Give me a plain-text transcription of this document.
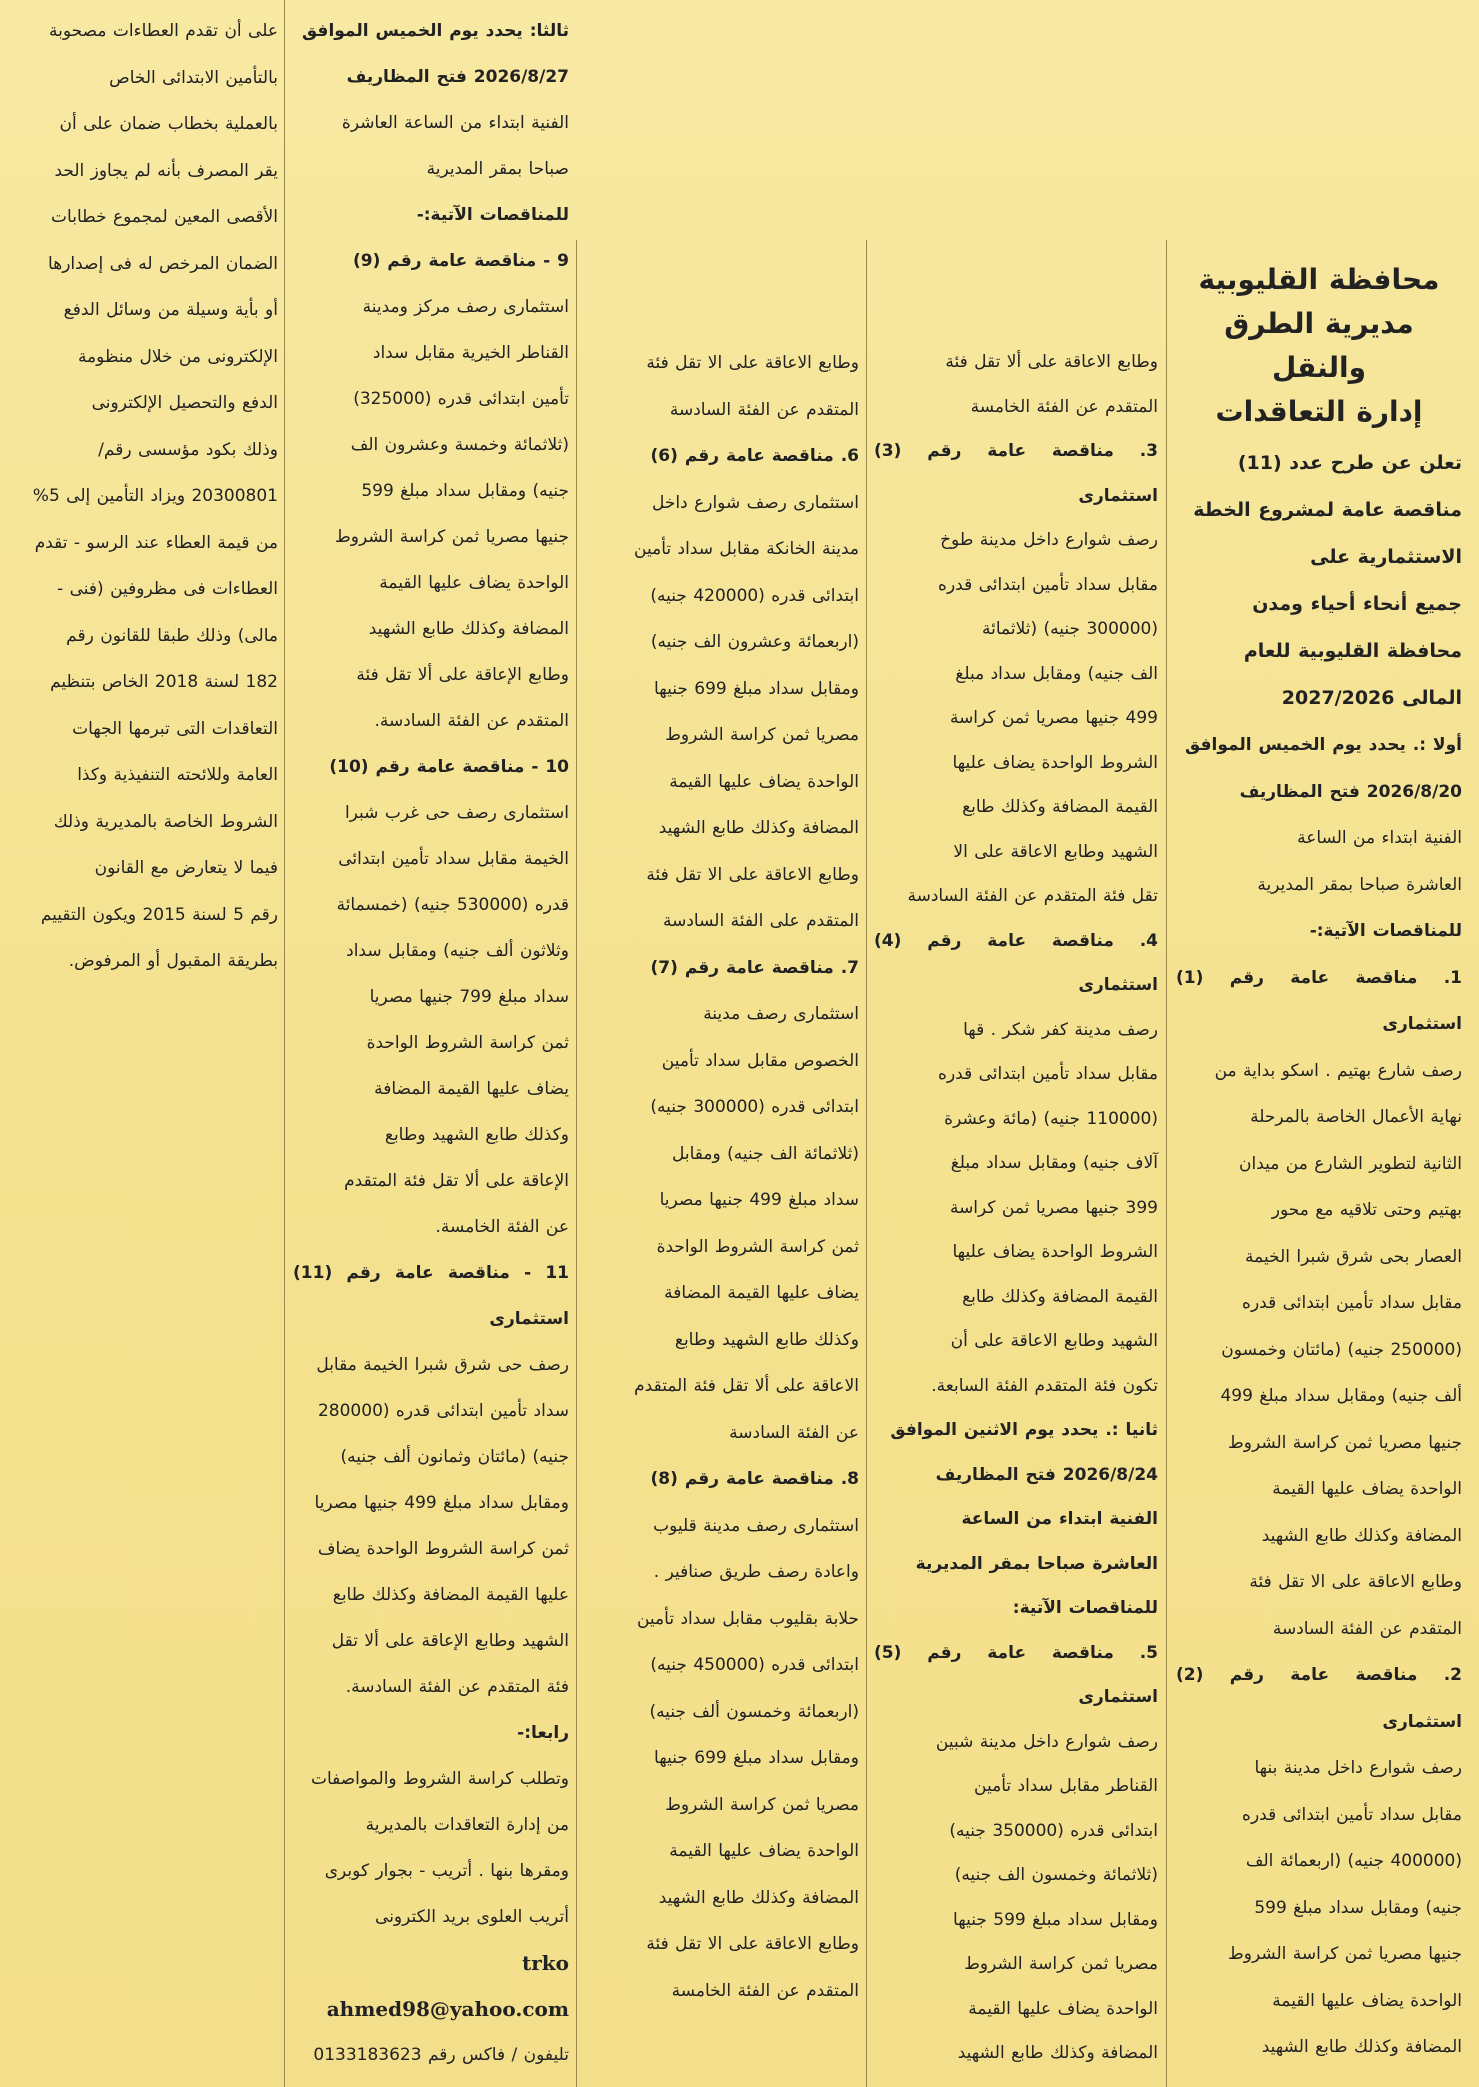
محافظة القليوبية

مديرية الطرق والنقل

إدارة التعاقدات

تعلن عن طرح عدد (11)

مناقصة عامة لمشروع الخطة

الاستثمارية على

جميع أنحاء أحياء ومدن

محافظة القليوبية للعام

المالى 2027/2026

أولا :. يحدد يوم الخميس الموافق

2026/8/20 فتح المظاريف

الفنية ابتداء من الساعة

العاشرة صباحا بمقر المديرية

للمناقصات الآتية:-

1. مناقصة عامة رقم (1) استثمارى

رصف شارع بهتيم . اسكو بداية من

نهاية الأعمال الخاصة بالمرحلة

الثانية لتطوير الشارع من ميدان

بهتيم وحتى تلاقيه مع محور

العصار بحى شرق شبرا الخيمة

مقابل سداد تأمين ابتدائى قدره

(250000 جنيه) (مائتان وخمسون

ألف جنيه) ومقابل سداد مبلغ 499

جنيها مصريا ثمن كراسة الشروط

الواحدة يضاف عليها القيمة

المضافة وكذلك طابع الشهيد

وطابع الاعاقة على الا تقل فئة

المتقدم عن الفئة السادسة

2. مناقصة عامة رقم (2) استثمارى

رصف شوارع داخل مدينة بنها

مقابل سداد تأمين ابتدائى قدره

(400000 جنيه) (اربعمائة الف

جنيه) ومقابل سداد مبلغ 599

جنيها مصريا ثمن كراسة الشروط

الواحدة يضاف عليها القيمة

المضافة وكذلك طابع الشهيد

وطابع الاعاقة على ألا تقل فئة

المتقدم عن الفئة الخامسة

3. مناقصة عامة رقم (3) استثمارى

رصف شوارع داخل مدينة طوخ

مقابل سداد تأمين ابتدائى قدره

(300000 جنيه) (ثلاثمائة

الف جنيه) ومقابل سداد مبلغ

499 جنيها مصريا ثمن كراسة

الشروط الواحدة يضاف عليها

القيمة المضافة وكذلك طابع

الشهيد وطابع الاعاقة على الا

تقل فئة المتقدم عن الفئة السادسة

4. مناقصة عامة رقم (4) استثمارى

رصف مدينة كفر شكر . قها

مقابل سداد تأمين ابتدائى قدره

(110000 جنيه) (مائة وعشرة

آلاف جنيه) ومقابل سداد مبلغ

399 جنيها مصريا ثمن كراسة

الشروط الواحدة يضاف عليها

القيمة المضافة وكذلك طابع

الشهيد وطابع الاعاقة على أن

تكون فئة المتقدم الفئة السابعة.

ثانيا :. يحدد يوم الاثنين الموافق

2026/8/24 فتح المظاريف

الفنية ابتداء من الساعة

العاشرة صباحا بمقر المديرية

للمناقصات الآتية:

5. مناقصة عامة رقم (5) استثمارى

رصف شوارع داخل مدينة شبين

القناطر مقابل سداد تأمين

ابتدائى قدره (350000 جنيه)

(ثلاثمائة وخمسون الف جنيه)

ومقابل سداد مبلغ 599 جنيها

مصريا ثمن كراسة الشروط

الواحدة يضاف عليها القيمة

المضافة وكذلك طابع الشهيد

وطابع الاعاقة على الا تقل فئة

المتقدم عن الفئة السادسة

6. مناقصة عامة رقم (6)

استثمارى رصف شوارع داخل

مدينة الخانكة مقابل سداد تأمين

ابتدائى قدره (420000 جنيه)

(اربعمائة وعشرون الف جنيه)

ومقابل سداد مبلغ 699 جنيها

مصريا ثمن كراسة الشروط

الواحدة يضاف عليها القيمة

المضافة وكذلك طابع الشهيد

وطابع الاعاقة على الا تقل فئة

المتقدم على الفئة السادسة

7. مناقصة عامة رقم (7)

استثمارى رصف مدينة

الخصوص مقابل سداد تأمين

ابتدائى قدره (300000 جنيه)

(ثلاثمائة الف جنيه) ومقابل

سداد مبلغ 499 جنيها مصريا

ثمن كراسة الشروط الواحدة

يضاف عليها القيمة المضافة

وكذلك طابع الشهيد وطابع

الاعاقة على ألا تقل فئة المتقدم

عن الفئة السادسة

8. مناقصة عامة رقم (8)

استثمارى رصف مدينة قليوب

واعادة رصف طريق صنافير .

حلابة بقليوب مقابل سداد تأمين

ابتدائى قدره (450000 جنيه)

(اربعمائة وخمسون ألف جنيه)

ومقابل سداد مبلغ 699 جنيها

مصريا ثمن كراسة الشروط

الواحدة يضاف عليها القيمة

المضافة وكذلك طابع الشهيد

وطابع الاعاقة على الا تقل فئة

المتقدم عن الفئة الخامسة

ثالثا: يحدد يوم الخميس الموافق

2026/8/27 فتح المظاريف

الفنية ابتداء من الساعة العاشرة

صباحا بمقر المديرية

للمناقصات الآتية:-

9 - مناقصة عامة رقم (9)

استثمارى رصف مركز ومدينة

القناطر الخيرية مقابل سداد

تأمين ابتدائى قدره (325000)

(ثلاثمائة وخمسة وعشرون الف

جنيه) ومقابل سداد مبلغ 599

جنيها مصريا ثمن كراسة الشروط

الواحدة يضاف عليها القيمة

المضافة وكذلك طابع الشهيد

وطابع الإعاقة على ألا تقل فئة

المتقدم عن الفئة السادسة.

10 - مناقصة عامة رقم (10)

استثمارى رصف حى غرب شبرا

الخيمة مقابل سداد تأمين ابتدائى

قدره (530000 جنيه) (خمسمائة

وثلاثون ألف جنيه) ومقابل سداد

سداد مبلغ 799 جنيها مصريا

ثمن كراسة الشروط الواحدة

يضاف عليها القيمة المضافة

وكذلك طابع الشهيد وطابع

الإعاقة على ألا تقل فئة المتقدم

عن الفئة الخامسة.

11 - مناقصة عامة رقم (11) استثمارى

رصف حى شرق شبرا الخيمة مقابل

سداد تأمين ابتدائى قدره (280000

جنيه) (مائتان وثمانون ألف جنيه)

ومقابل سداد مبلغ 499 جنيها مصريا

ثمن كراسة الشروط الواحدة يضاف

عليها القيمة المضافة وكذلك طابع

الشهيد وطابع الإعاقة على ألا تقل

فئة المتقدم عن الفئة السادسة.

رابعا:-

وتطلب كراسة الشروط والمواصفات

من إدارة التعاقدات بالمديرية

ومقرها بنها . أتريب - بجوار كوبرى

أتريب العلوى بريد الكترونى

trko ahmed98@yahoo.com

تليفون / فاكس رقم 0133183623

على أن تقدم العطاءات مصحوبة

بالتأمين الابتدائى الخاص

بالعملية بخطاب ضمان على أن

يقر المصرف بأنه لم يجاوز الحد

الأقصى المعين لمجموع خطابات

الضمان المرخص له فى إصدارها

أو بأية وسيلة من وسائل الدفع

الإلكترونى من خلال منظومة

الدفع والتحصيل الإلكترونى

وذلك بكود مؤسسى رقم/

20300801 ويزاد التأمين إلى 5%

من قيمة العطاء عند الرسو - تقدم

العطاءات فى مظروفين (فنى -

مالى) وذلك طبقا للقانون رقم

182 لسنة 2018 الخاص بتنظيم

التعاقدات التى تبرمها الجهات

العامة وللائحته التنفيذية وكذا

الشروط الخاصة بالمديرية وذلك

فيما لا يتعارض مع القانون

رقم 5 لسنة 2015 ويكون التقييم

بطريقة المقبول أو المرفوض.
